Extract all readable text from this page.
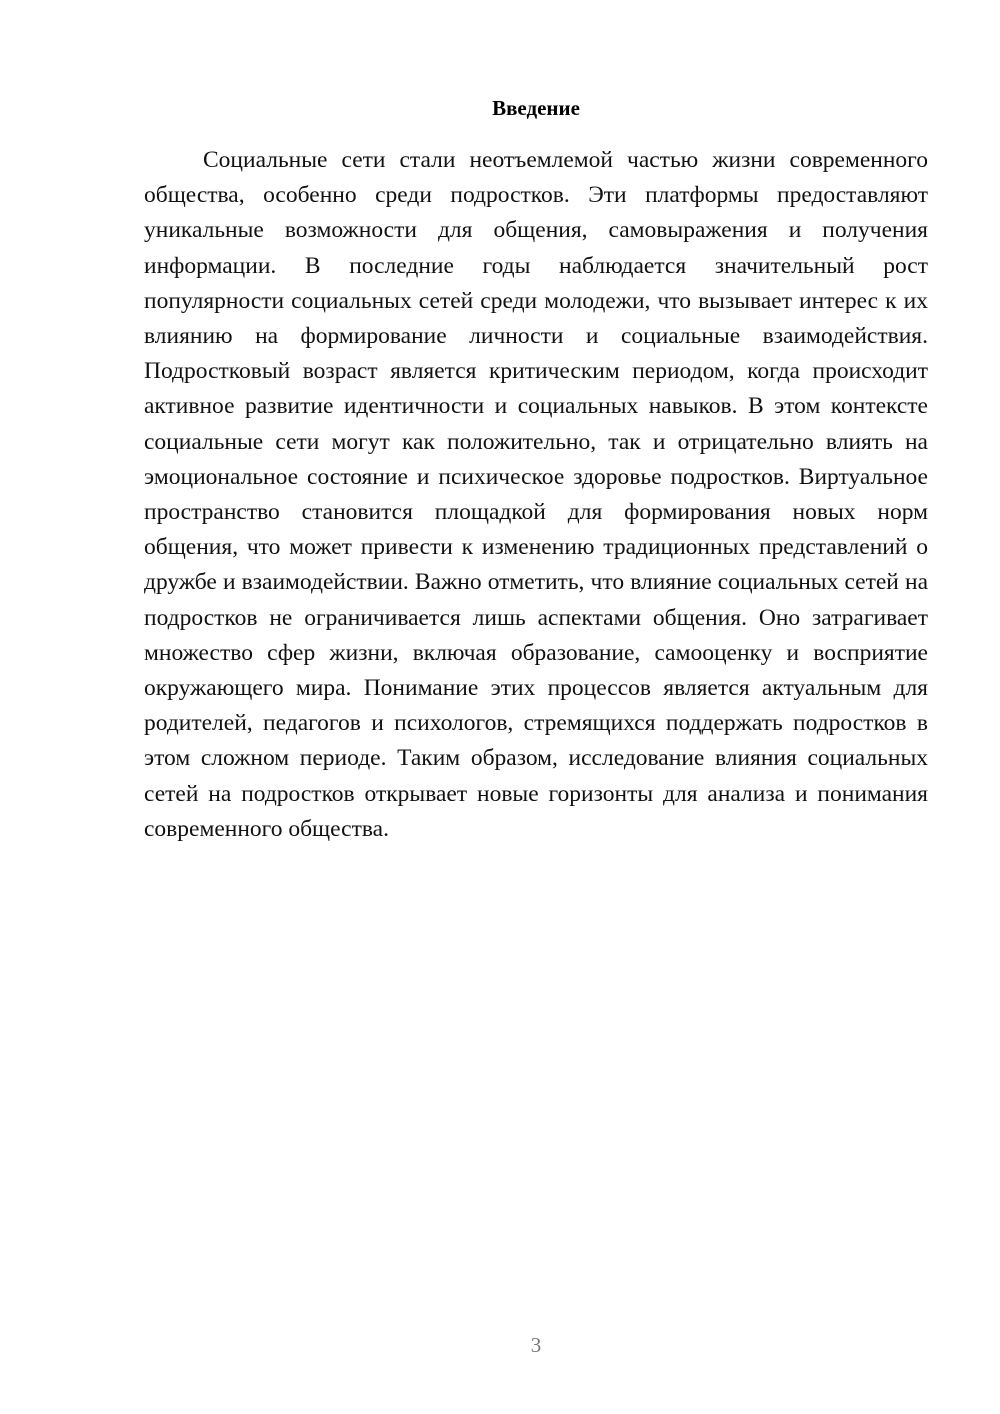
Введение

Социальные сети стали неотъемлемой частью жизни современного общества, особенно среди подростков. Эти платформы предоставляют уникальные возможности для общения, самовыражения и получения информации. В последние годы наблюдается значительный рост популярности социальных сетей среди молодежи, что вызывает интерес к их влиянию на формирование личности и социальные взаимодействия. Подростковый возраст является критическим периодом, когда происходит активное развитие идентичности и социальных навыков. В этом контексте социальные сети могут как положительно, так и отрицательно влиять на эмоциональное состояние и психическое здоровье подростков. Виртуальное пространство становится площадкой для формирования новых норм общения, что может привести к изменению традиционных представлений о дружбе и взаимодействии. Важно отметить, что влияние социальных сетей на подростков не ограничивается лишь аспектами общения. Оно затрагивает множество сфер жизни, включая образование, самооценку и восприятие окружающего мира. Понимание этих процессов является актуальным для родителей, педагогов и психологов, стремящихся поддержать подростков в этом сложном периоде. Таким образом, исследование влияния социальных сетей на подростков открывает новые горизонты для анализа и понимания современного общества.

3
